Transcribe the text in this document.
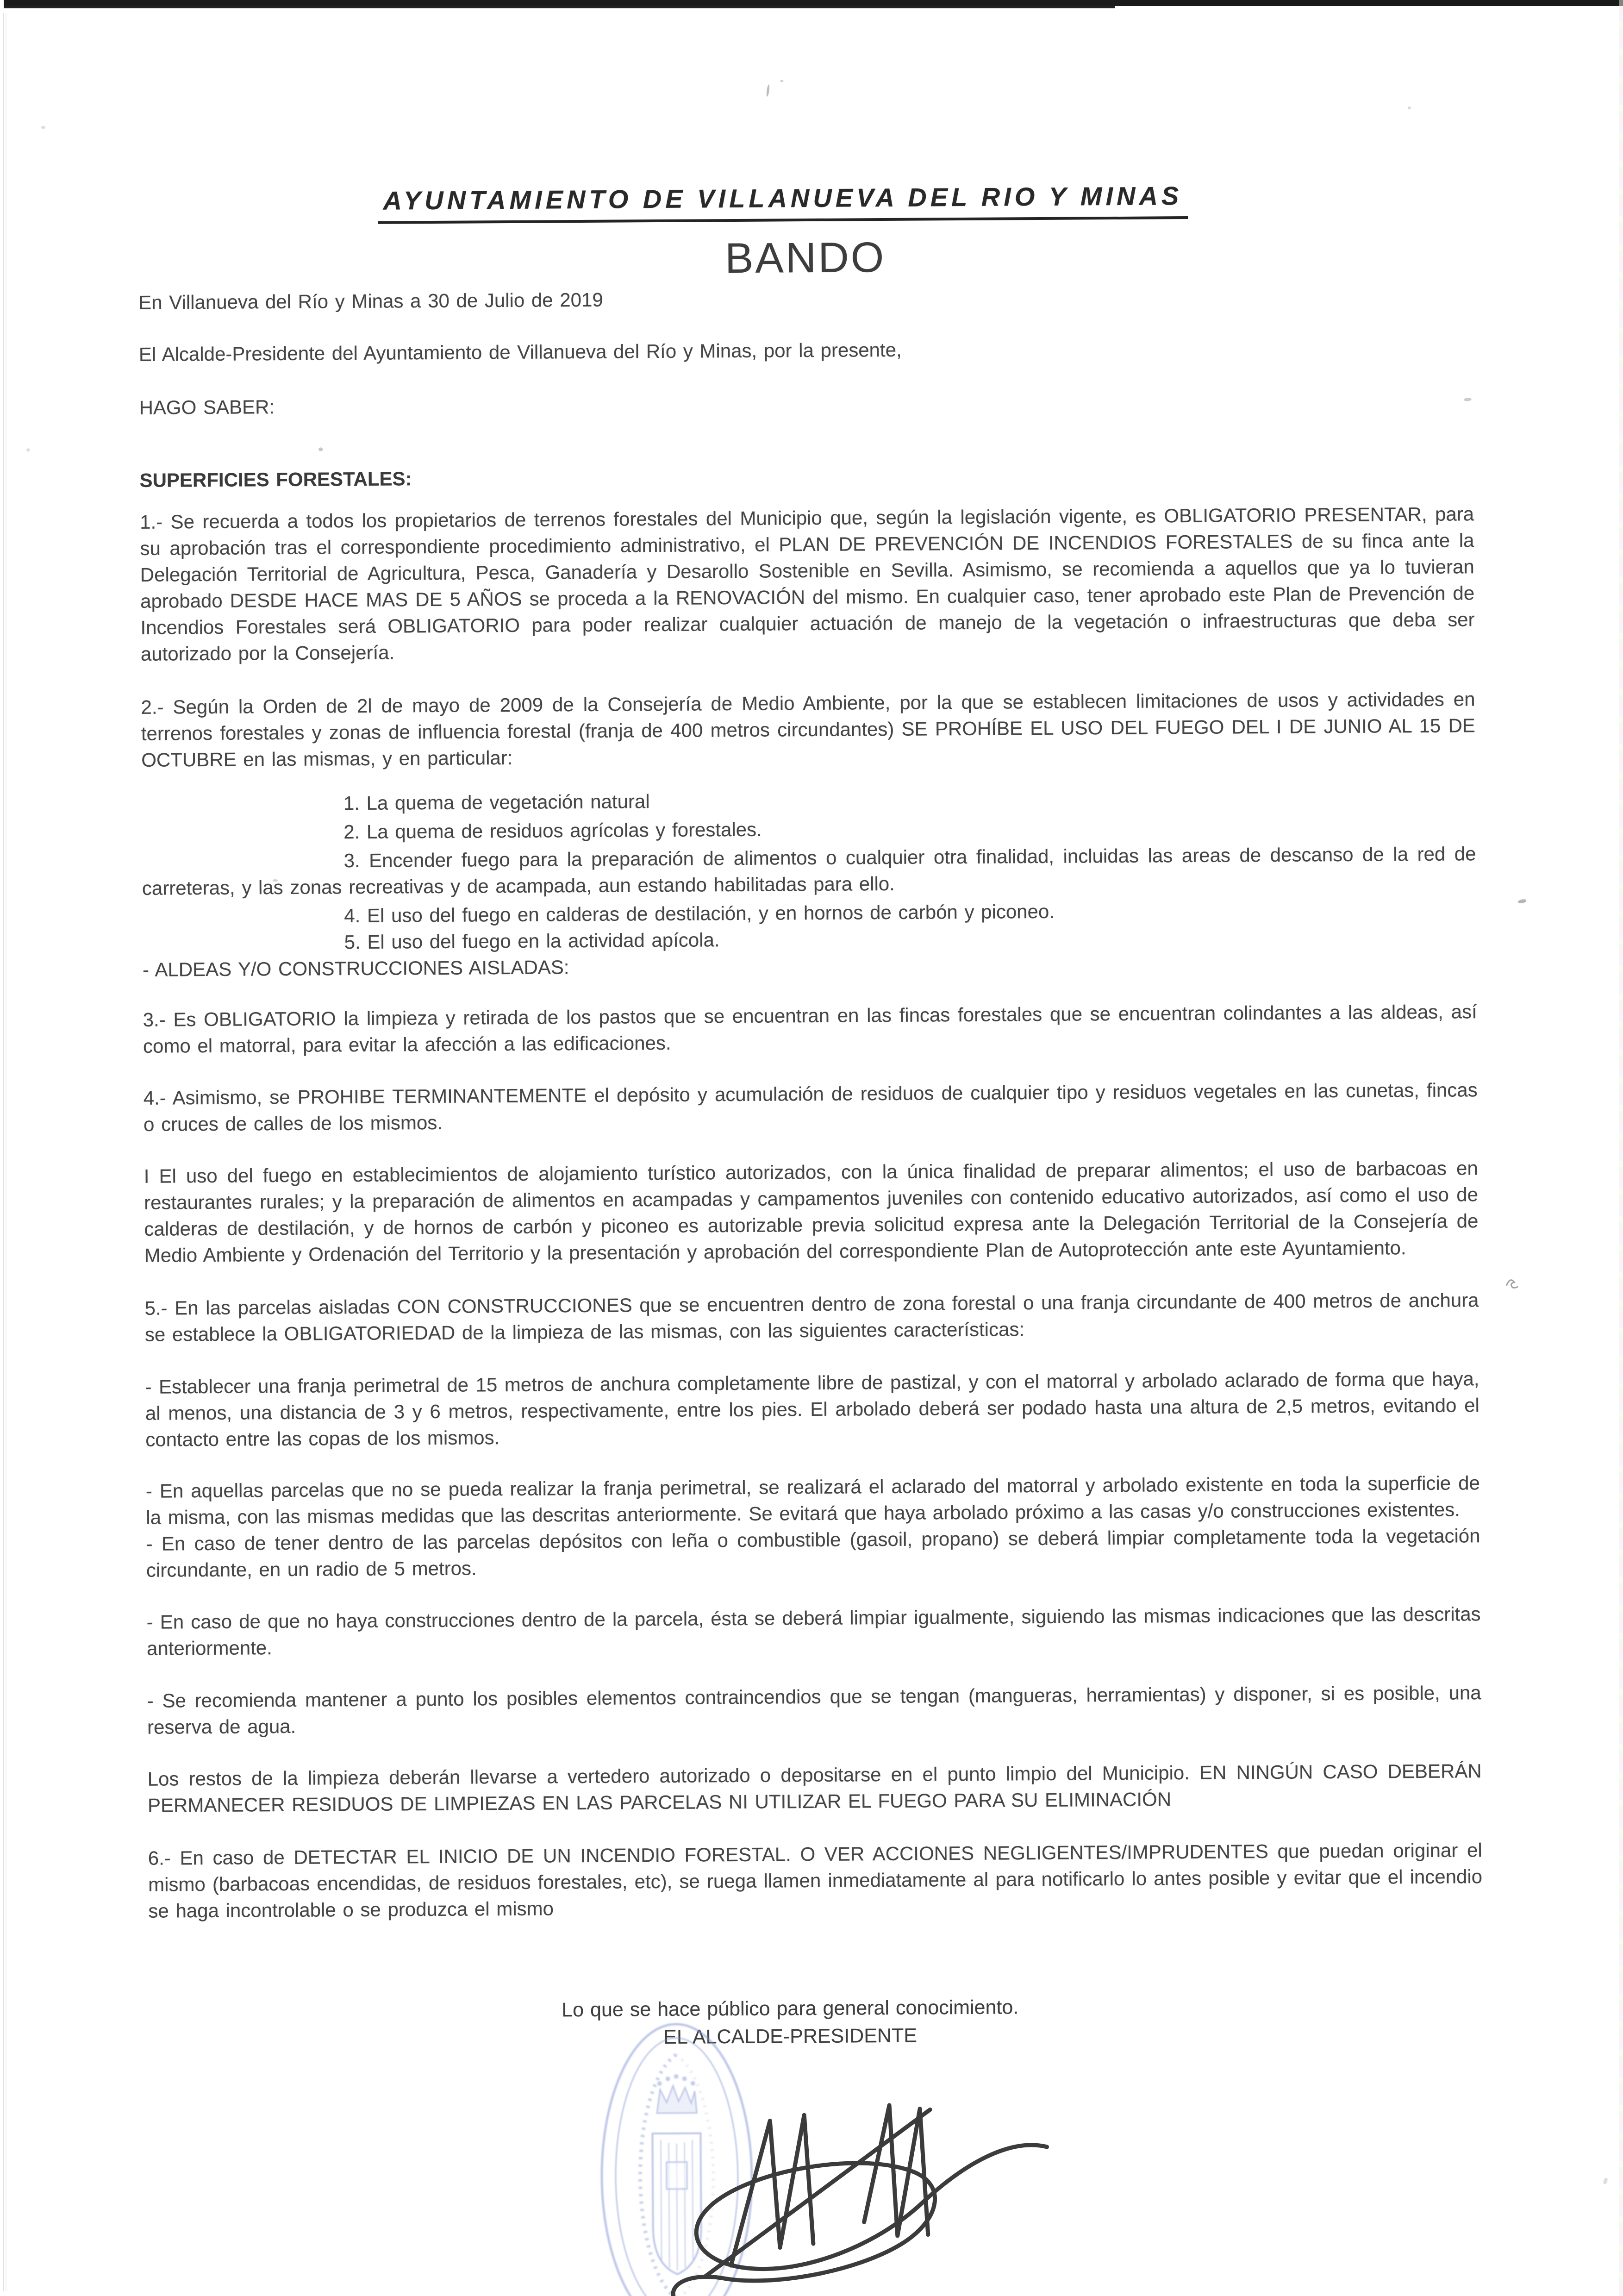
AYUNTAMIENTO DE VILLANUEVA DEL RIO Y MINAS

BANDO

En Villanueva del Río y Minas a 30 de Julio de 2019

El Alcalde-Presidente del Ayuntamiento de Villanueva del Río y Minas, por la presente,

HAGO SABER:

SUPERFICIES FORESTALES:

1.- Se recuerda a todos los propietarios de terrenos forestales del Municipio que, según la legislación vigente, es OBLIGATORIO PRESENTAR, para su aprobación tras el correspondiente procedimiento administrativo, el PLAN DE PREVENCIÓN DE INCENDIOS FORESTALES de su finca ante la Delegación Territorial de Agricultura, Pesca, Ganadería y Desarollo Sostenible en Sevilla. Asimismo, se recomienda a aquellos que ya lo tuvieran aprobado DESDE HACE MAS DE 5 AÑOS se proceda a la RENOVACIÓN del mismo. En cualquier caso, tener aprobado este Plan de Prevención de Incendios Forestales será OBLIGATORIO para poder realizar cualquier actuación de manejo de la vegetación o infraestructuras que deba ser autorizado por la Consejería.

2.- Según la Orden de 2l de mayo de 2009 de la Consejería de Medio Ambiente, por la que se establecen limitaciones de usos y actividades en terrenos forestales y zonas de influencia forestal (franja de 400 metros circundantes) SE PROHÍBE EL USO DEL FUEGO DEL I DE JUNIO AL 15 DE OCTUBRE en las mismas, y en particular:

1. La quema de vegetación natural

2. La quema de residuos agrícolas y forestales.

3. Encender fuego para la preparación de alimentos o cualquier otra finalidad, incluidas las areas de descanso de la red de carreteras, y las zonas recreativas y de acampada, aun estando habilitadas para ello.

4. El uso del fuego en calderas de destilación, y en hornos de carbón y piconeo.

5. El uso del fuego en la actividad apícola.

- ALDEAS Y/O CONSTRUCCIONES AISLADAS:

3.- Es OBLIGATORIO la limpieza y retirada de los pastos que se encuentran en las fincas forestales que se encuentran colindantes a las aldeas, así como el matorral, para evitar la afección a las edificaciones.

4.- Asimismo, se PROHIBE TERMINANTEMENTE el depósito y acumulación de residuos de cualquier tipo y residuos vegetales en las cunetas, fincas o cruces de calles de los mismos.

I El uso del fuego en establecimientos de alojamiento turístico autorizados, con la única finalidad de preparar alimentos; el uso de barbacoas en restaurantes rurales; y la preparación de alimentos en acampadas y campamentos juveniles con contenido educativo autorizados, así como el uso de calderas de destilación, y de hornos de carbón y piconeo es autorizable previa solicitud expresa ante la Delegación Territorial de la Consejería de Medio Ambiente y Ordenación del Territorio y la presentación y aprobación del correspondiente Plan de Autoprotección ante este Ayuntamiento.

5.- En las parcelas aisladas CON CONSTRUCCIONES que se encuentren dentro de zona forestal o una franja circundante de 400 metros de anchura se establece la OBLIGATORIEDAD de la limpieza de las mismas, con las siguientes características:

- Establecer una franja perimetral de 15 metros de anchura completamente libre de pastizal, y con el matorral y arbolado aclarado de forma que haya, al menos, una distancia de 3 y 6 metros, respectivamente, entre los pies. El arbolado deberá ser podado hasta una altura de 2,5 metros, evitando el contacto entre las copas de los mismos.

- En aquellas parcelas que no se pueda realizar la franja perimetral, se realizará el aclarado del matorral y arbolado existente en toda la superficie de la misma, con las mismas medidas que las descritas anteriormente. Se evitará que haya arbolado próximo a las casas y/o construcciones existentes.

- En caso de tener dentro de las parcelas depósitos con leña o combustible (gasoil, propano) se deberá limpiar completamente toda la vegetación circundante, en un radio de 5 metros.

- En caso de que no haya construcciones dentro de la parcela, ésta se deberá limpiar igualmente, siguiendo las mismas indicaciones que las descritas anteriormente.

- Se recomienda mantener a punto los posibles elementos contraincendios que se tengan (mangueras, herramientas) y disponer, si es posible, una reserva de agua.

Los restos de la limpieza deberán llevarse a vertedero autorizado o depositarse en el punto limpio del Municipio. EN NINGÚN CASO DEBERÁN PERMANECER RESIDUOS DE LIMPIEZAS EN LAS PARCELAS NI UTILIZAR EL FUEGO PARA SU ELIMINACIÓN

6.- En caso de DETECTAR EL INICIO DE UN INCENDIO FORESTAL. O VER ACCIONES NEGLIGENTES/IMPRUDENTES que puedan originar el mismo (barbacoas encendidas, de residuos forestales, etc), se ruega llamen inmediatamente al para notificarlo lo antes posible y evitar que el incendio se haga incontrolable o se produzca el mismo

Lo que se hace público para general conocimiento.

EL ALCALDE-PRESIDENTE
